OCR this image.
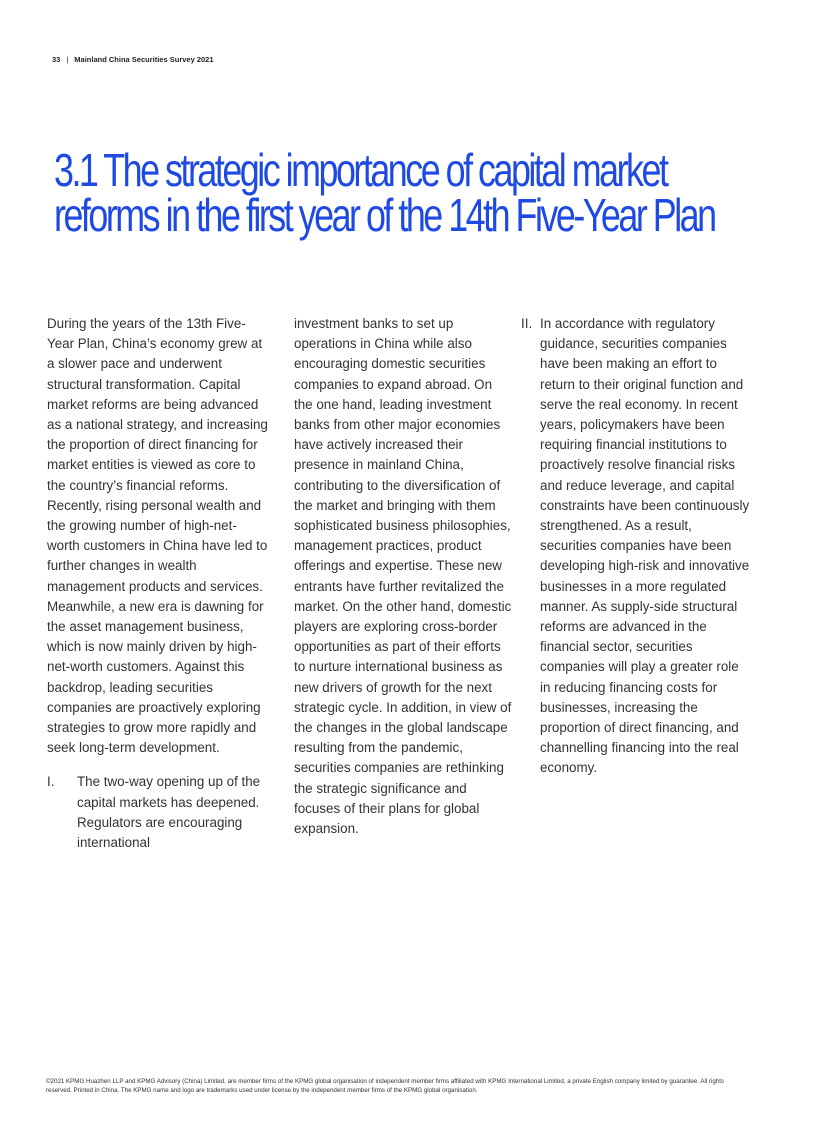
33 | Mainland China Securities Survey 2021
3.1 The strategic importance of capital market
reforms in the first year of the 14th Five-Year Plan

During the years of the 13th Five-Year Plan, China’s economy grew at a slower pace and underwent structural transformation. Capital market reforms are being advanced as a national strategy, and increasing the proportion of direct financing for market entities is viewed as core to the country’s financial reforms. Recently, rising personal wealth and the growing number of high-net-worth customers in China have led to further changes in wealth management products and services. Meanwhile, a new era is dawning for the asset management business, which is now mainly driven by high-net-worth customers. Against this backdrop, leading securities companies are proactively exploring strategies to grow more rapidly and seek long-term development.

I.	The two-way opening up of the capital markets has deepened. Regulators are encouraging international

investment banks to set up operations in China while also encouraging domestic securities companies to expand abroad. On the one hand, leading investment banks from other major economies have actively increased their presence in mainland China, contributing to the diversification of the market and bringing with them sophisticated business philosophies, management practices, product offerings and expertise. These new entrants have further revitalized the market. On the other hand, domestic players are exploring cross-border opportunities as part of their efforts to nurture international business as new drivers of growth for the next strategic cycle. In addition, in view of the changes in the global landscape resulting from the pandemic, securities companies are rethinking the strategic significance and focuses of their plans for global expansion.

II. In accordance with regulatory guidance, securities companies have been making an effort to return to their original function and serve the real economy. In recent years, policymakers have been requiring financial institutions to proactively resolve financial risks and reduce leverage, and capital constraints have been continuously strengthened. As a result, securities companies have been developing high-risk and innovative businesses in a more regulated manner. As supply-side structural reforms are advanced in the financial sector, securities companies will play a greater role in reducing financing costs for businesses, increasing the proportion of direct financing, and channelling financing into the real economy.
©2021 KPMG Huazhen LLP and KPMG Advisory (China) Limited, are member firms of the KPMG global organisation of independent member firms affiliated with KPMG International Limited, a private English company limited by guarantee. All rights reserved. Printed in China. The KPMG name and logo are trademarks used under license by the independent member firms of the KPMG global organisation.
